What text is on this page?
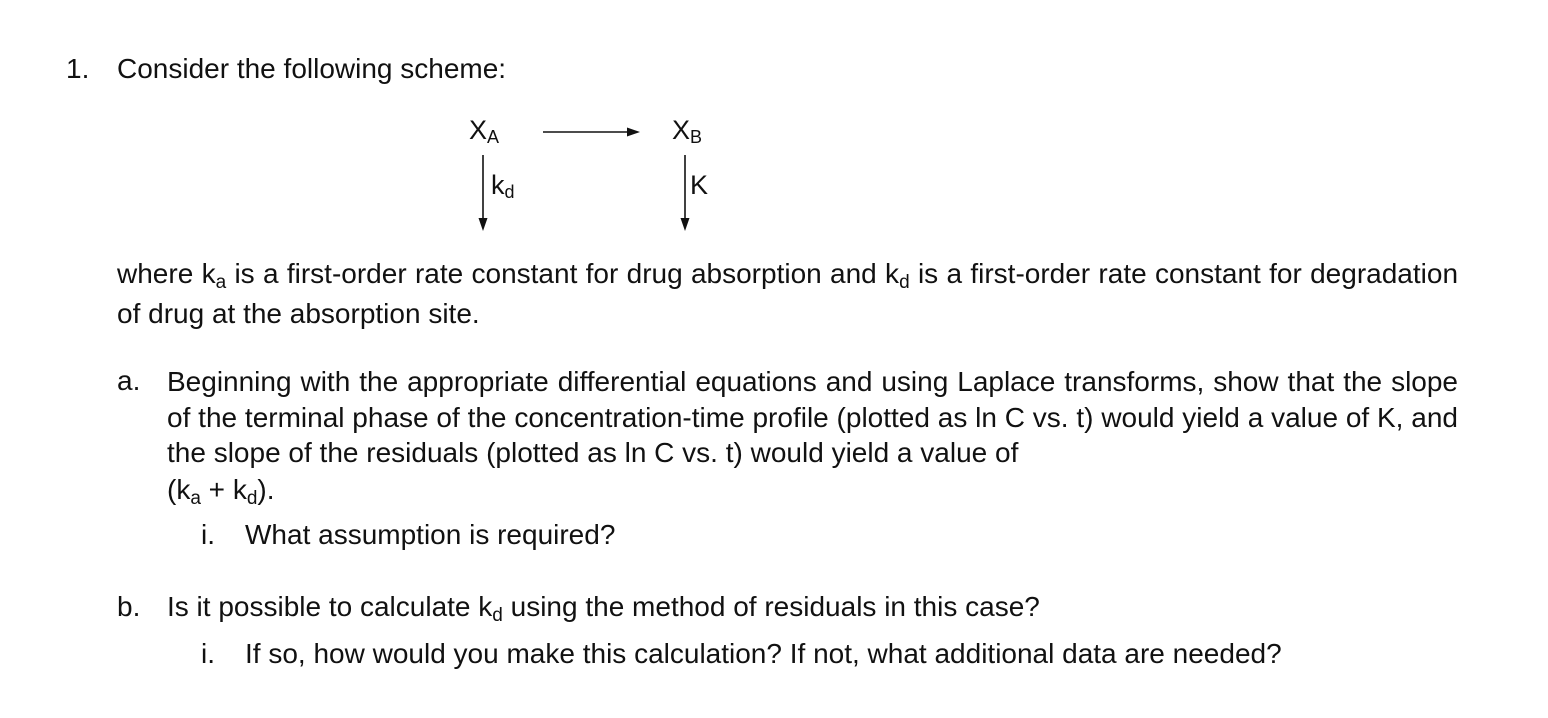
1. Consider the following scheme:
XA	XB
kd	K
where ka is a first-order rate constant for drug absorption and kd is a first-order rate constant for degradation of drug at the absorption site.
a. Beginning with the appropriate differential equations and using Laplace transforms, show that the slope of the terminal phase of the concentration-time profile (plotted as ln C vs. t) would yield a value of K, and the slope of the residuals (plotted as ln C vs. t) would yield a value of
(ka + kd).
i. What assumption is required?
b. Is it possible to calculate kd using the method of residuals in this case?
i. If so, how would you make this calculation? If not, what additional data are needed?
